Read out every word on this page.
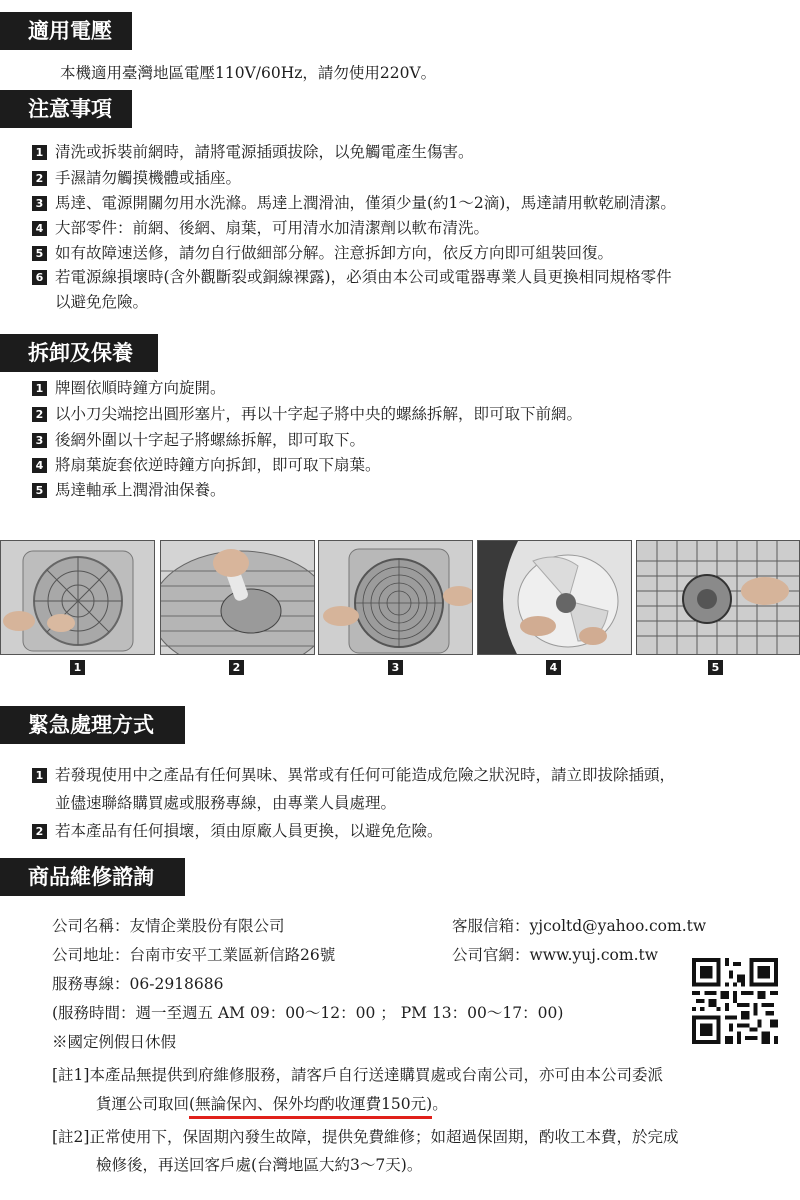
適用電壓
本機適用臺灣地區電壓110V/60Hz，請勿使用220V。
注意事項
1 清洗或拆裝前網時，請將電源插頭拔除，以免觸電產生傷害。
2 手濕請勿觸摸機體或插座。
3 馬達、電源開關勿用水洗滌。馬達上潤滑油，僅須少量(約1～2滴)，馬達請用軟乾刷清潔。
4 大部零件：前網、後網、扇葉，可用清水加清潔劑以軟布清洗。
5 如有故障速送修，請勿自行做細部分解。注意拆卸方向，依反方向即可組裝回復。
6 若電源線損壞時(含外觀斷裂或銅線裸露)，必須由本公司或電器專業人員更換相同規格零件
以避免危險。
拆卸及保養
1 牌圈依順時鐘方向旋開。
2 以小刀尖端挖出圓形塞片，再以十字起子將中央的螺絲拆解，即可取下前網。
3 後網外圍以十字起子將螺絲拆解，即可取下。
4 將扇葉旋套依逆時鐘方向拆卸，即可取下扇葉。
5 馬達軸承上潤滑油保養。
1	2	3	4	5
緊急處理方式
1 若發現使用中之產品有任何異味、異常或有任何可能造成危險之狀況時，請立即拔除插頭，
並儘速聯絡購買處或服務專線，由專業人員處理。
2 若本產品有任何損壞，須由原廠人員更換，以避免危險。
商品維修諮詢
公司名稱：友情企業股份有限公司	客服信箱：yjcoltd@yahoo.com.tw
公司地址：台南市安平工業區新信路26號	公司官網：www.yuj.com.tw
服務專線：06-2918686
(服務時間：週一至週五 AM 09：00～12：00 ； PM 13：00～17：00)
※國定例假日休假
[註1]本產品無提供到府維修服務，請客戶自行送達購買處或台南公司，亦可由本公司委派
貨運公司取回(無論保內、保外均酌收運費150元)。
[註2]正常使用下，保固期內發生故障，提供免費維修；如超過保固期，酌收工本費，於完成
檢修後，再送回客戶處(台灣地區大約3～7天)。
